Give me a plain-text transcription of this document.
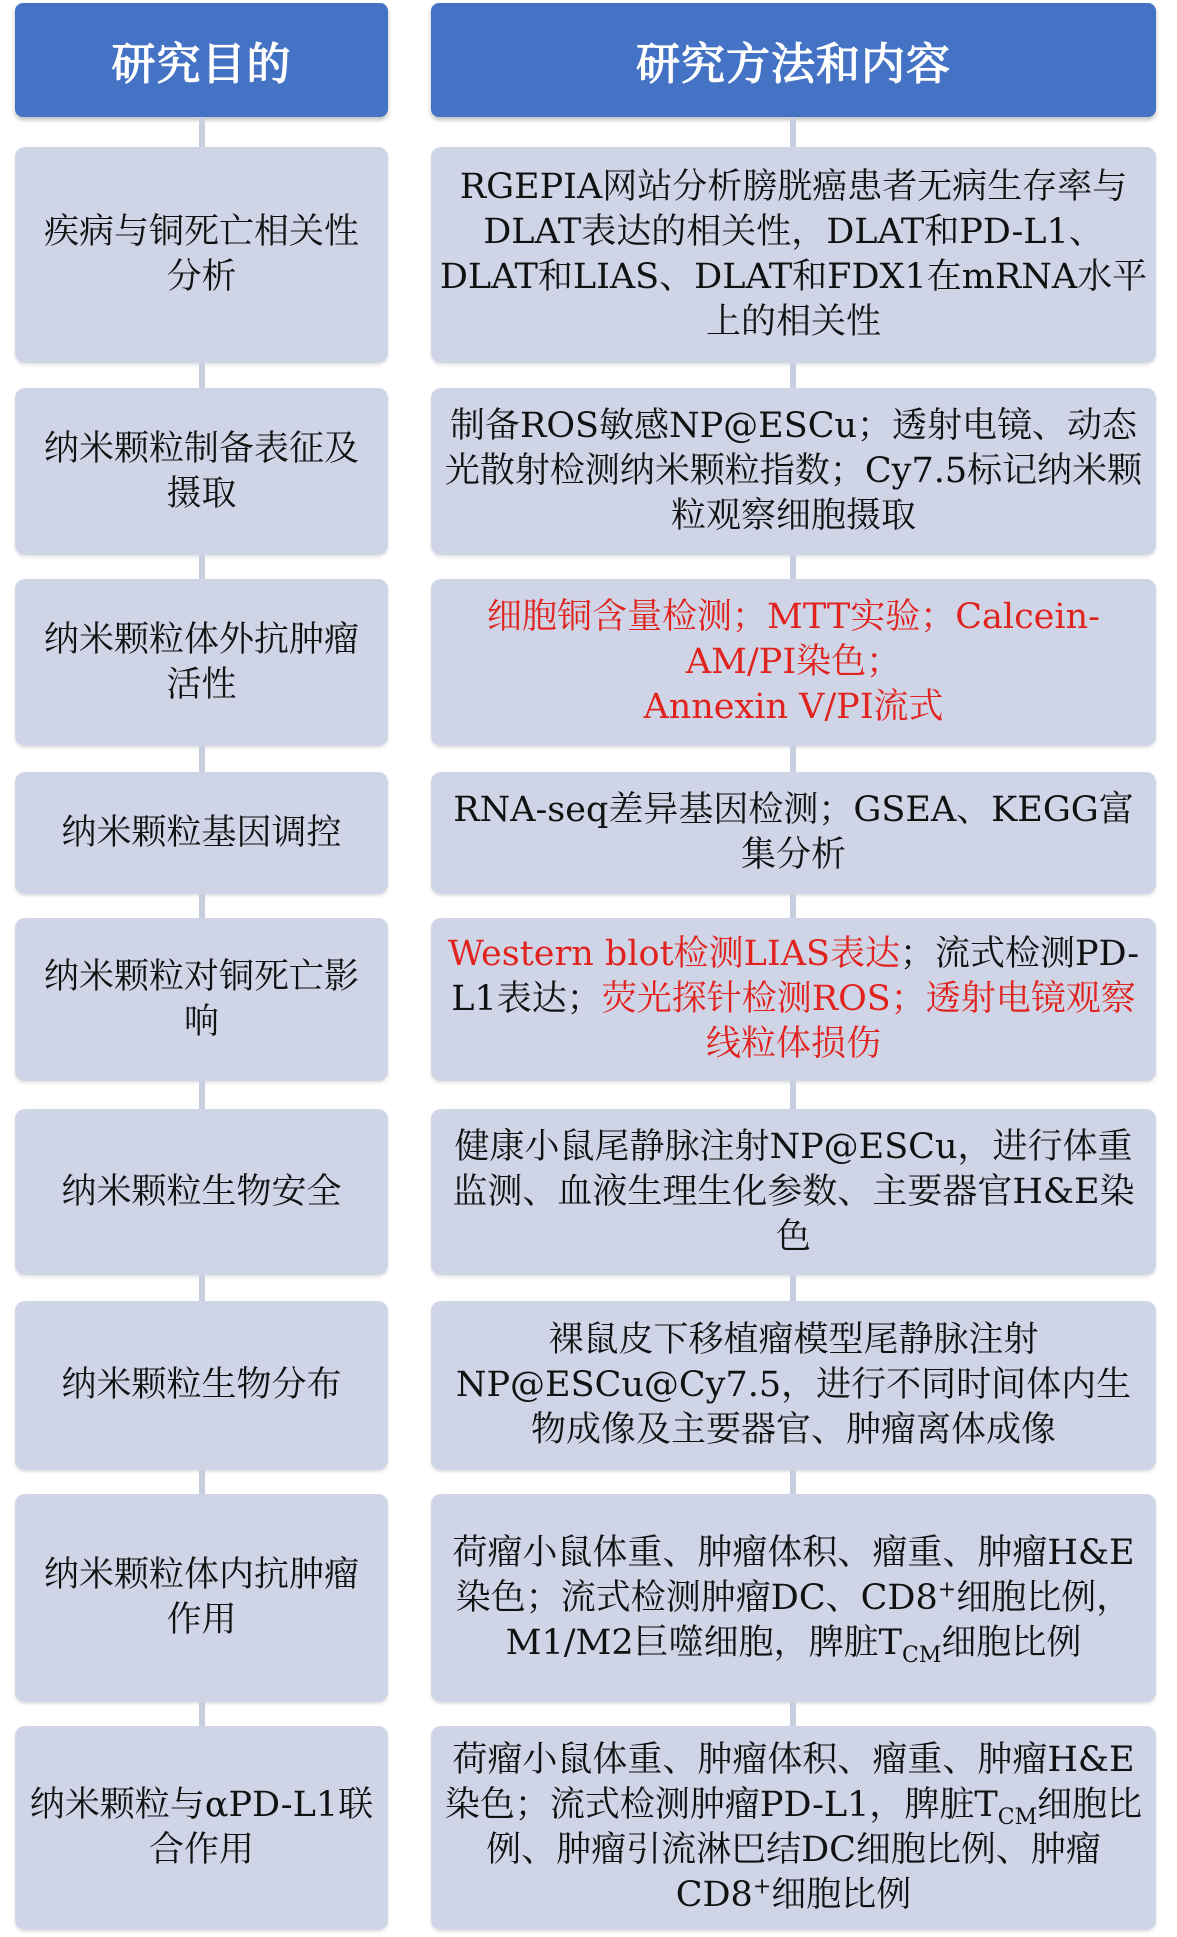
研究目的	研究方法和内容
疾病与铜死亡相关性分析
RGEPIA网站分析膀胱癌患者无病生存率与DLAT表达的相关性，DLAT和PD-L1、DLAT和LIAS、DLAT和FDX1在mRNA水平上的相关性
纳米颗粒制备表征及摄取
制备ROS敏感NP@ESCu；透射电镜、动态光散射检测纳米颗粒指数；Cy7.5标记纳米颗粒观察细胞摄取
纳米颗粒体外抗肿瘤活性
细胞铜含量检测；MTT实验；Calcein-AM/PI染色；
Annexin V/PI流式
纳米颗粒基因调控
RNA-seq差异基因检测；GSEA、KEGG富集分析
纳米颗粒对铜死亡影响
Western blot检测LIAS表达；流式检测PD-L1表达；荧光探针检测ROS；透射电镜观察线粒体损伤
纳米颗粒生物安全
健康小鼠尾静脉注射NP@ESCu，进行体重监测、血液生理生化参数、主要器官H&E染色
纳米颗粒生物分布
裸鼠皮下移植瘤模型尾静脉注射NP@ESCu@Cy7.5，进行不同时间体内生物成像及主要器官、肿瘤离体成像
纳米颗粒体内抗肿瘤作用
荷瘤小鼠体重、肿瘤体积、瘤重、肿瘤H&E染色；流式检测肿瘤DC、CD8+细胞比例，M1/M2巨噬细胞，脾脏$T_{CM}$细胞比例
纳米颗粒与αPD-L1联合作用
荷瘤小鼠体重、肿瘤体积、瘤重、肿瘤H&E染色；流式检测肿瘤PD-L1，脾脏$T_{CM}$细胞比例、肿瘤引流淋巴结DC细胞比例、肿瘤CD8+细胞比例
